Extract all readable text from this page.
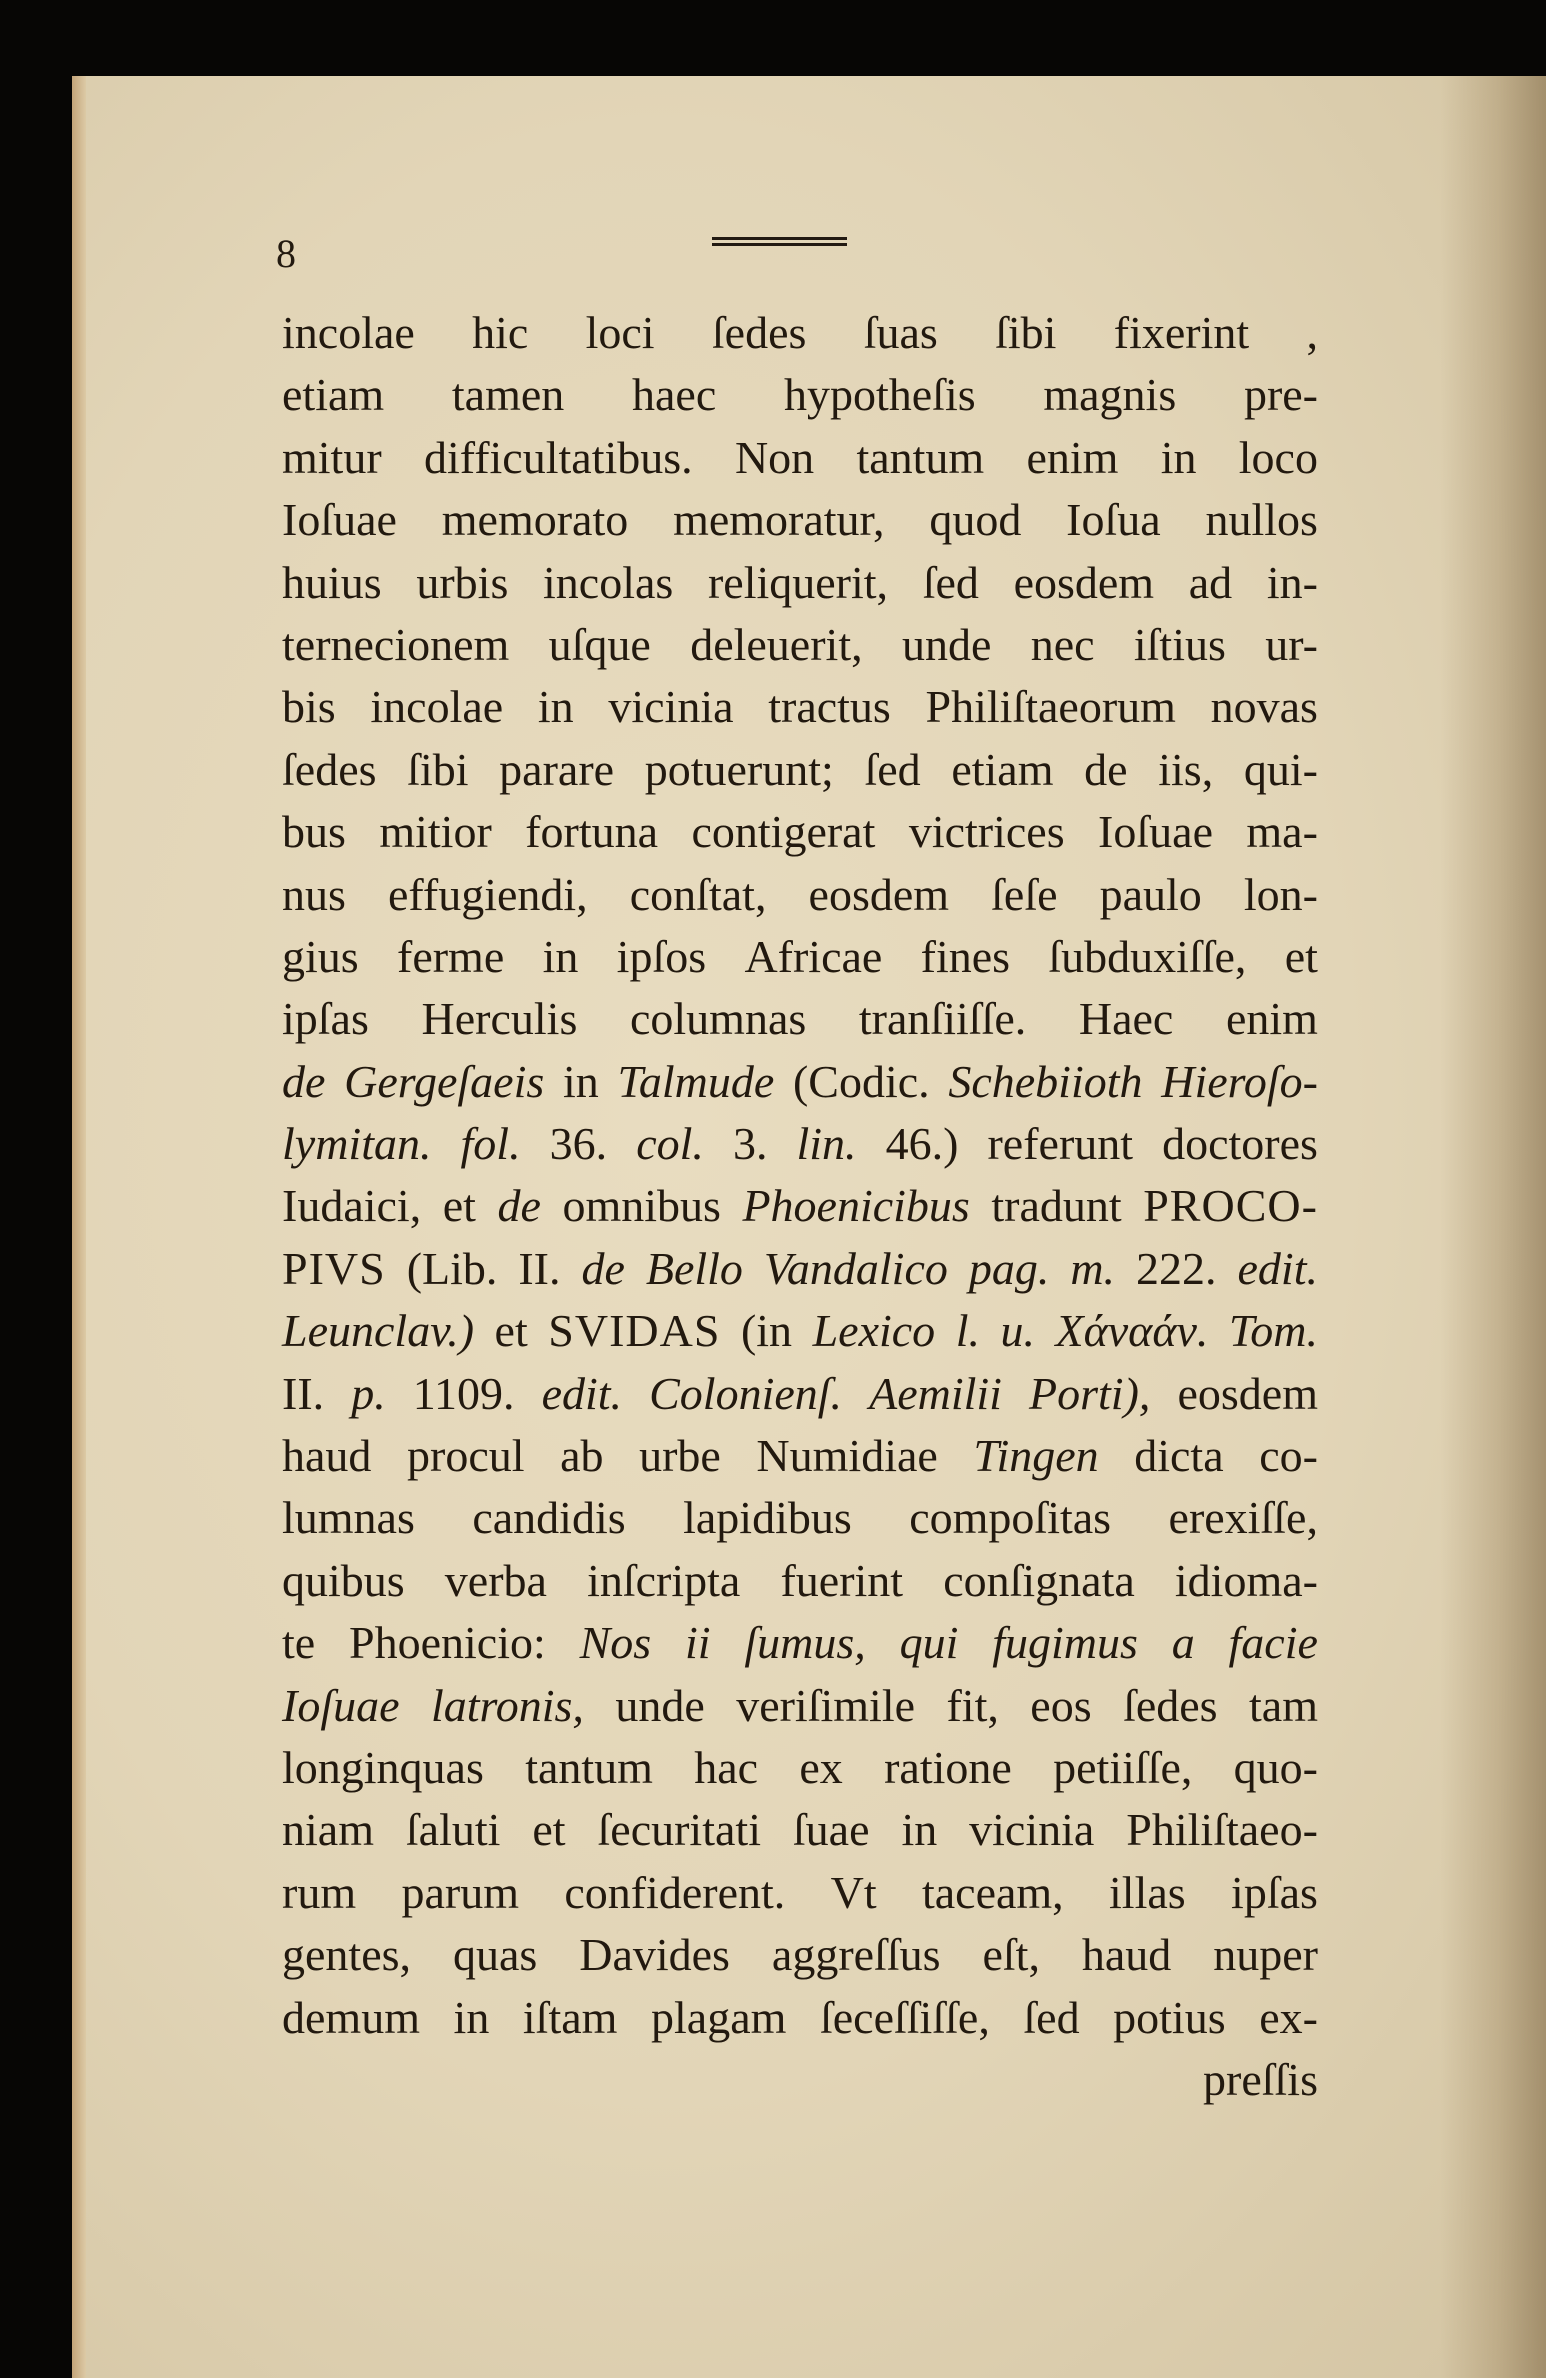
8
incolae hic loci ſedes ſuas ſibi fixerint ,
etiam tamen haec hypotheſis magnis pre-
mitur difficultatibus. Non tantum enim in loco
Ioſuae memorato memoratur, quod Ioſua nullos
huius urbis incolas reliquerit, ſed eosdem ad in-
ternecionem uſque deleuerit, unde nec iſtius ur-
bis incolae in vicinia tractus Philiſtaeorum novas
ſedes ſibi parare potuerunt; ſed etiam de iis, qui-
bus mitior fortuna contigerat victrices Ioſuae ma-
nus effugiendi, conſtat, eosdem ſeſe paulo lon-
gius ferme in ipſos Africae fines ſubduxiſſe, et
ipſas Herculis columnas tranſiiſſe. Haec enim
de Gergeſaeis in Talmude (Codic. Schebiioth Hieroſo-
lymitan. fol. 36. col. 3. lin. 46.) referunt doctores
Iudaici, et de omnibus Phoenicibus tradunt PROCO-
PIVS (Lib. II. de Bello Vandalico pag. m. 222. edit.
Leunclav.) et SVIDAS (in Lexico l. u. Χάναάν. Tom.
II. p. 1109. edit. Colonienſ. Aemilii Porti), eosdem
haud procul ab urbe Numidiae Tingen dicta co-
lumnas candidis lapidibus compoſitas erexiſſe,
quibus verba inſcripta fuerint conſignata idioma-
te Phoenicio: Nos ii ſumus, qui fugimus a facie
Ioſuae latronis, unde veriſimile fit, eos ſedes tam
longinquas tantum hac ex ratione petiiſſe, quo-
niam ſaluti et ſecuritati ſuae in vicinia Philiſtaeo-
rum parum confiderent. Vt taceam, illas ipſas
gentes, quas Davides aggreſſus eſt, haud nuper
demum in iſtam plagam ſeceſſiſſe, ſed potius ex-
preſſis
